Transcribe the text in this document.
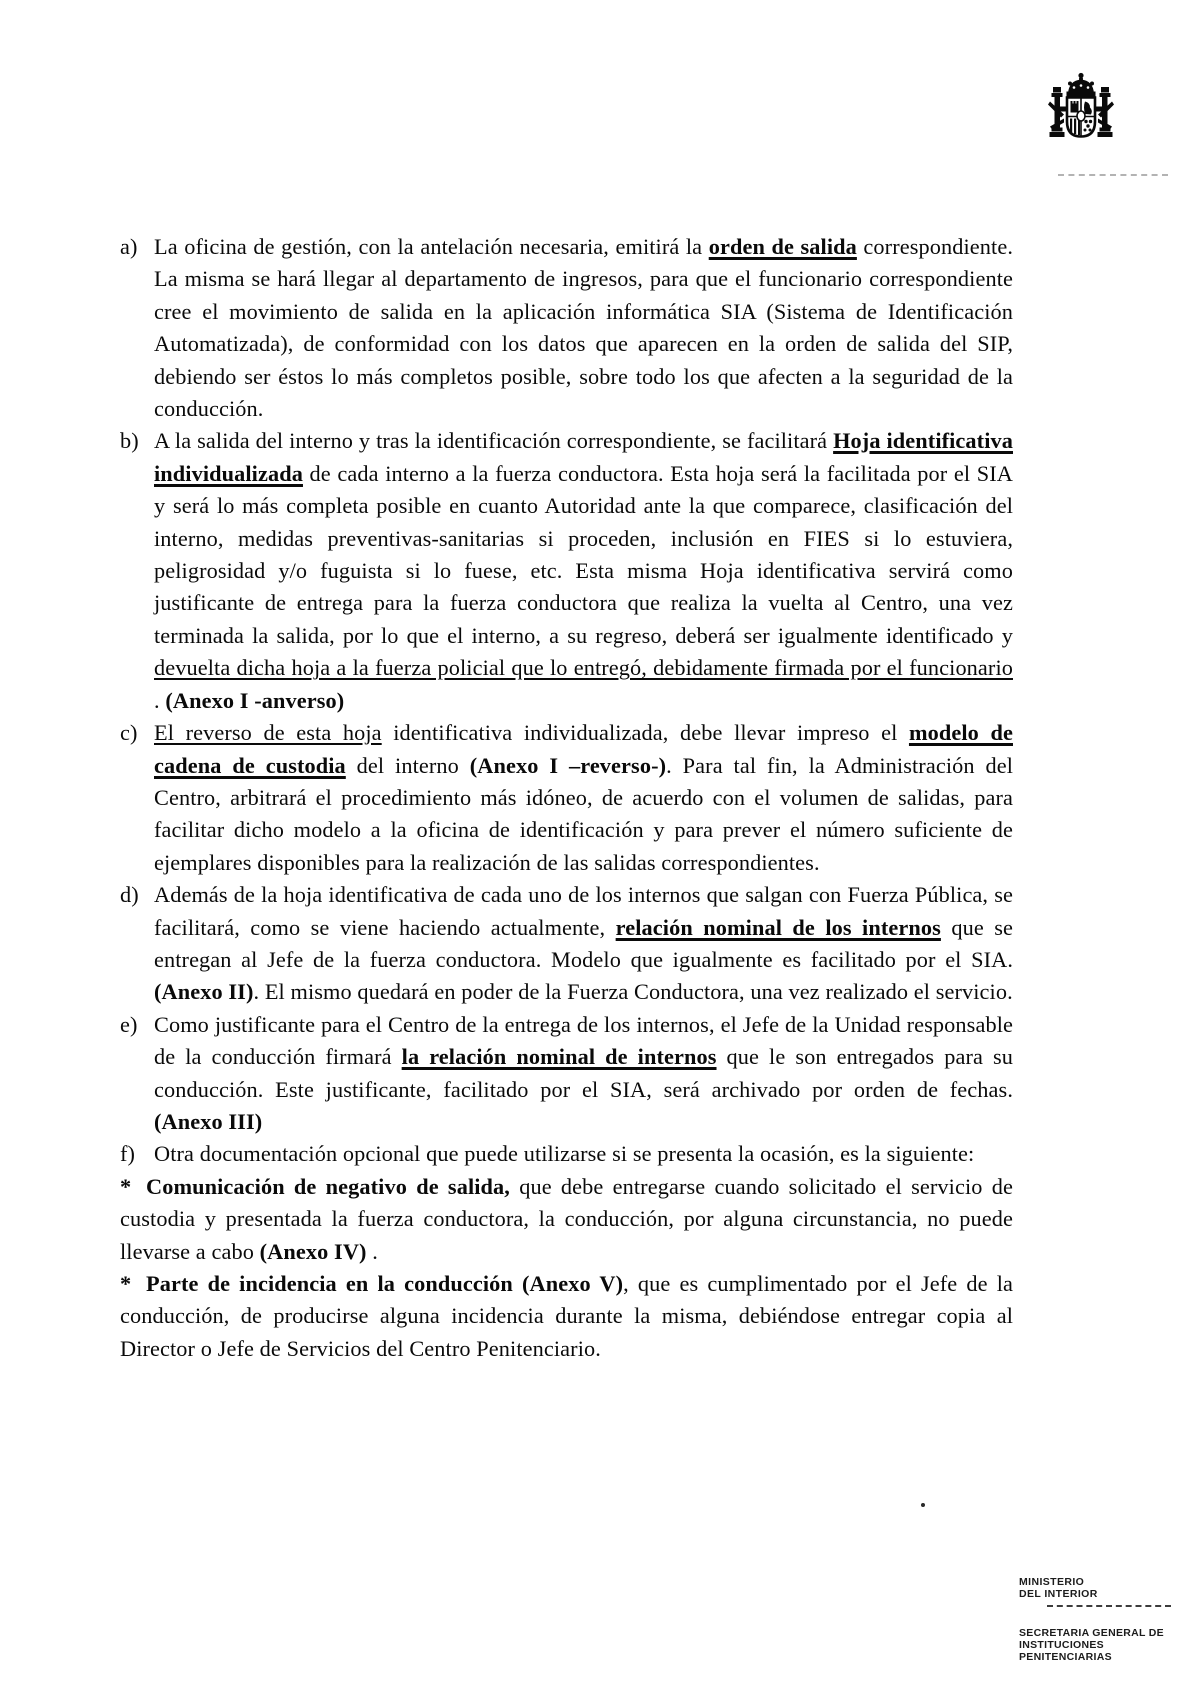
a) La oficina de gestión, con la antelación necesaria, emitirá la orden de salida correspondiente. La misma se hará llegar al departamento de ingresos, para que el funcionario correspondiente cree el movimiento de salida en la aplicación informática SIA (Sistema de Identificación Automatizada), de conformidad con los datos que aparecen en la orden de salida del SIP, debiendo ser éstos lo más completos posible, sobre todo los que afecten a la seguridad de la conducción.

b) A la salida del interno y tras la identificación correspondiente, se facilitará Hoja identificativa individualizada de cada interno a la fuerza conductora. Esta hoja será la facilitada por el SIA y será lo más completa posible en cuanto Autoridad ante la que comparece, clasificación del interno, medidas preventivas-sanitarias si proceden, inclusión en FIES si lo estuviera, peligrosidad y/o fuguista si lo fuese, etc. Esta misma Hoja identificativa servirá como justificante de entrega para la fuerza conductora que realiza la vuelta al Centro, una vez terminada la salida, por lo que el interno, a su regreso, deberá ser igualmente identificado y devuelta dicha hoja a la fuerza policial que lo entregó, debidamente firmada por el funcionario . (Anexo I -anverso)

c) El reverso de esta hoja identificativa individualizada, debe llevar impreso el modelo de cadena de custodia del interno (Anexo I –reverso-). Para tal fin, la Administración del Centro, arbitrará el procedimiento más idóneo, de acuerdo con el volumen de salidas, para facilitar dicho modelo a la oficina de identificación y para prever el número suficiente de ejemplares disponibles para la realización de las salidas correspondientes.

d) Además de la hoja identificativa de cada uno de los internos que salgan con Fuerza Pública, se facilitará, como se viene haciendo actualmente, relación nominal de los internos que se entregan al Jefe de la fuerza conductora. Modelo que igualmente es facilitado por el SIA. (Anexo II). El mismo quedará en poder de la Fuerza Conductora, una vez realizado el servicio.

e) Como justificante para el Centro de la entrega de los internos, el Jefe de la Unidad responsable de la conducción firmará la relación nominal de internos que le son entregados para su conducción. Este justificante, facilitado por el SIA, será archivado por orden de fechas. (Anexo III)

f) Otra documentación opcional que puede utilizarse si se presenta la ocasión, es la siguiente:

* Comunicación de negativo de salida, que debe entregarse cuando solicitado el servicio de custodia y presentada la fuerza conductora, la conducción, por alguna circunstancia, no puede llevarse a cabo (Anexo IV) .

* Parte de incidencia en la conducción (Anexo V), que es cumplimentado por el Jefe de la conducción, de producirse alguna incidencia durante la misma, debiéndose entregar copia al Director o Jefe de Servicios del Centro Penitenciario.

MINISTERIO
DEL INTERIOR
SECRETARIA GENERAL DE
INSTITUCIONES
PENITENCIARIAS
